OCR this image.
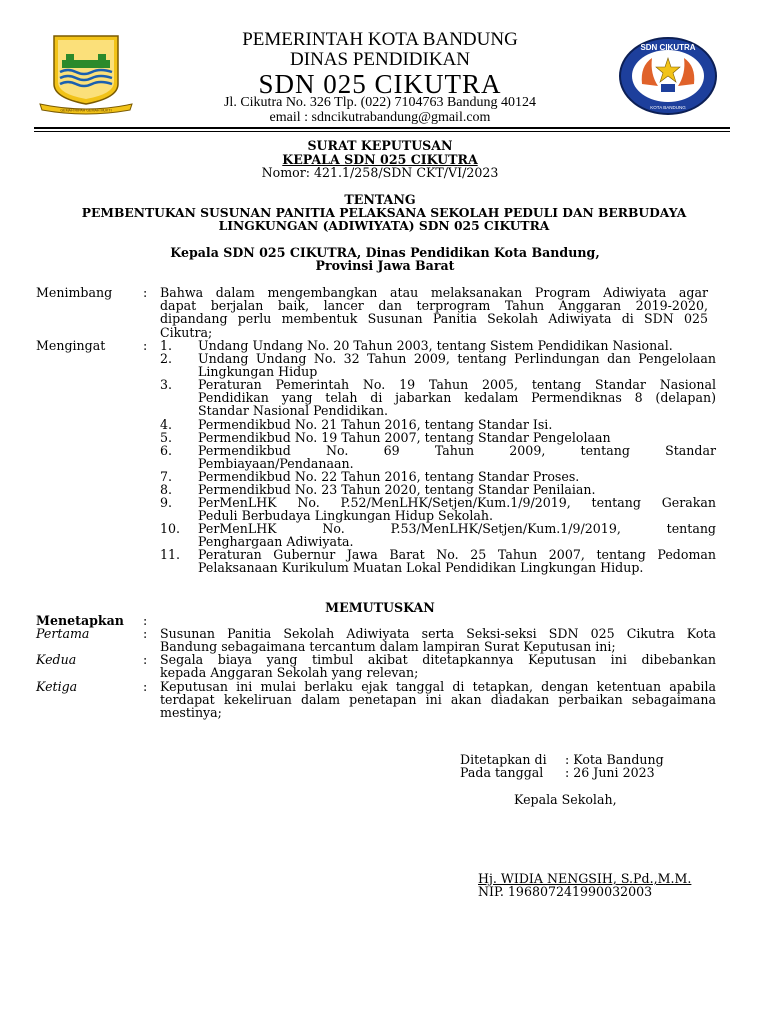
GEMAH RIPAH GEMAH MUKTI
SDN CIKUTRA
KOTA BANDUNG
PEMERINTAH KOTA BANDUNG
DINAS PENDIDIKAN
SDN 025 CIKUTRA
Jl. Cikutra No. 326 Tlp. (022) 7104763 Bandung 40124
email : sdncikutrabandung@gmail.com
SURAT KEPUTUSAN
KEPALA SDN 025 CIKUTRA
Nomor: 421.1/258/SDN CKT/VI/2023
TENTANG
PEMBENTUKAN SUSUNAN PANITIA PELAKSANA SEKOLAH PEDULI DAN BERBUDAYA
LINGKUNGAN (ADIWIYATA) SDN 025 CIKUTRA
Kepala SDN 025 CIKUTRA, Dinas Pendidikan Kota Bandung,
Provinsi Jawa Barat
Menimbang : Bahwa dalam mengembangkan atau melaksanakan Program Adiwiyata agar
dapat berjalan baik, lancer dan terprogram Tahun Anggaran 2019-2020,
dipandang perlu membentuk Susunan Panitia Sekolah Adiwiyata di SDN 025
Cikutra;
Mengingat	: 1. Undang Undang No. 20 Tahun 2003, tentang Sistem Pendidikan Nasional.
2. Undang Undang No. 32 Tahun 2009, tentang Perlindungan dan Pengelolaan
Lingkungan Hidup
3. Peraturan Pemerintah No. 19 Tahun 2005, tentang Standar Nasional
Pendidikan yang telah di jabarkan kedalam Permendiknas 8 (delapan)
Standar Nasional Pendidikan.
4. Permendikbud No. 21 Tahun 2016, tentang Standar Isi.
5. Permendikbud No. 19 Tahun 2007, tentang Standar Pengelolaan
6. Permendikbud No. 69 Tahun 2009, tentang Standar
Pembiayaan/Pendanaan.
7. Permendikbud No. 22 Tahun 2016, tentang Standar Proses.
8. Permendikbud No. 23 Tahun 2020, tentang Standar Penilaian.
9. PerMenLHK No. P.52/MenLHK/Setjen/Kum.1/9/2019, tentang Gerakan
Peduli Berbudaya Lingkungan Hidup Sekolah.
10. PerMenLHK No. P.53/MenLHK/Setjen/Kum.1/9/2019, tentang
Penghargaan Adiwiyata.
11. Peraturan Gubernur Jawa Barat No. 25 Tahun 2007, tentang Pedoman
Pelaksanaan Kurikulum Muatan Lokal Pendidikan Lingkungan Hidup.
MEMUTUSKAN
Menetapkan :
Pertama	: Susunan Panitia Sekolah Adiwiyata serta Seksi-seksi SDN 025 Cikutra Kota
Bandung sebagaimana tercantum dalam lampiran Surat Keputusan ini;
Kedua	: Segala biaya yang timbul akibat ditetapkannya Keputusan ini dibebankan
kepada Anggaran Sekolah yang relevan;
Ketiga	: Keputusan ini mulai berlaku ejak tanggal di tetapkan, dengan ketentuan apabila
terdapat kekeliruan dalam penetapan ini akan diadakan perbaikan sebagaimana
mestinya;
Ditetapkan di : Kota Bandung
Pada tanggal : 26 Juni 2023
Kepala Sekolah,
Hj. WIDIA NENGSIH, S.Pd.,M.M.
NIP. 196807241990032003
